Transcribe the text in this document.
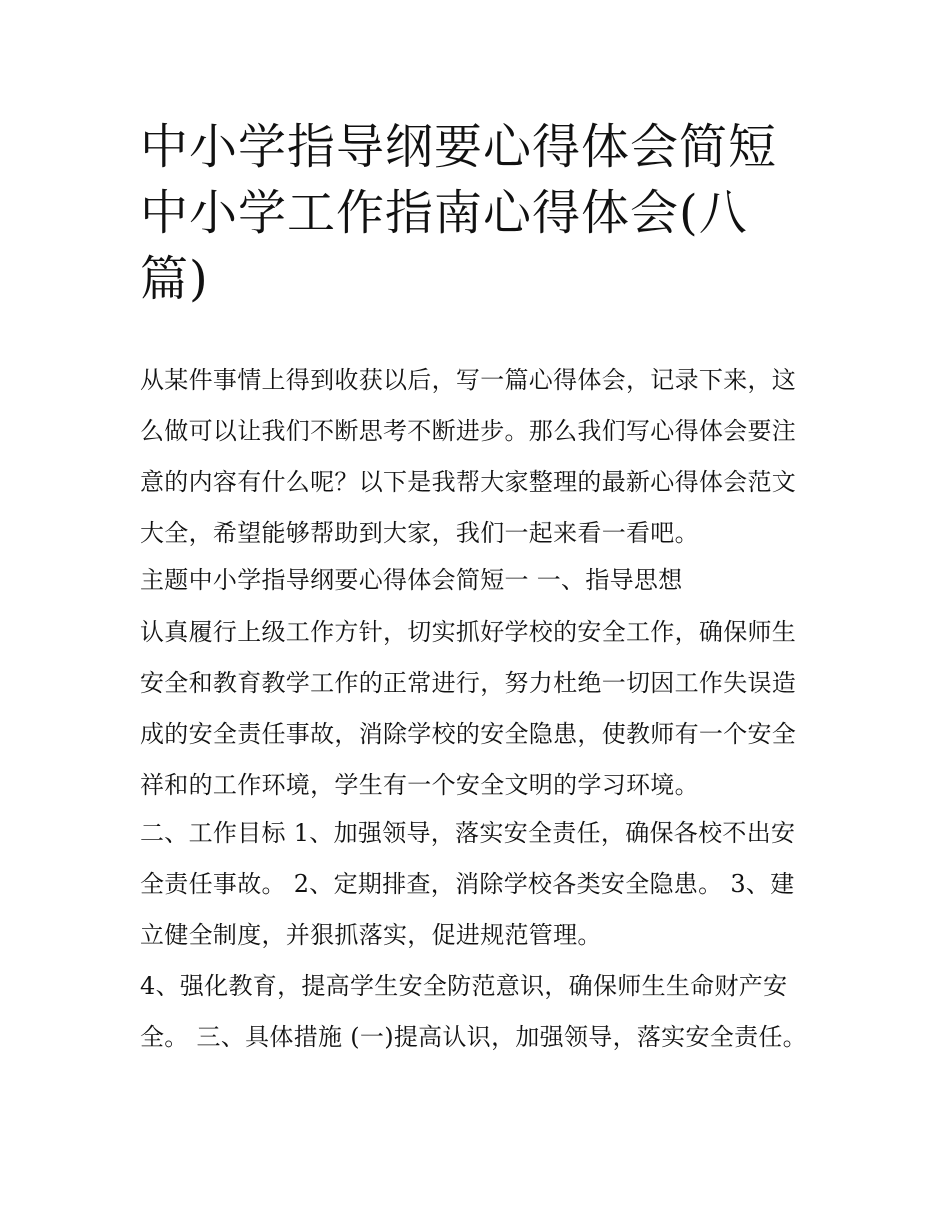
中小学指导纲要心得体会简短中小学工作指南心得体会(八篇)

从某件事情上得到收获以后，写一篇心得体会，记录下来，这么做可以让我们不断思考不断进步。那么我们写心得体会要注意的内容有什么呢？以下是我帮大家整理的最新心得体会范文大全，希望能够帮助到大家，我们一起来看一看吧。

主题中小学指导纲要心得体会简短一 一、指导思想

认真履行上级工作方针，切实抓好学校的安全工作，确保师生安全和教育教学工作的正常进行，努力杜绝一切因工作失误造成的安全责任事故，消除学校的安全隐患，使教师有一个安全祥和的工作环境，学生有一个安全文明的学习环境。

二、工作目标 1、加强领导，落实安全责任，确保各校不出安全责任事故。 2、定期排查，消除学校各类安全隐患。 3、建立健全制度，并狠抓落实，促进规范管理。

4、强化教育，提高学生安全防范意识，确保师生生命财产安全。 三、具体措施 (一)提高认识，加强领导，落实安全责任。
